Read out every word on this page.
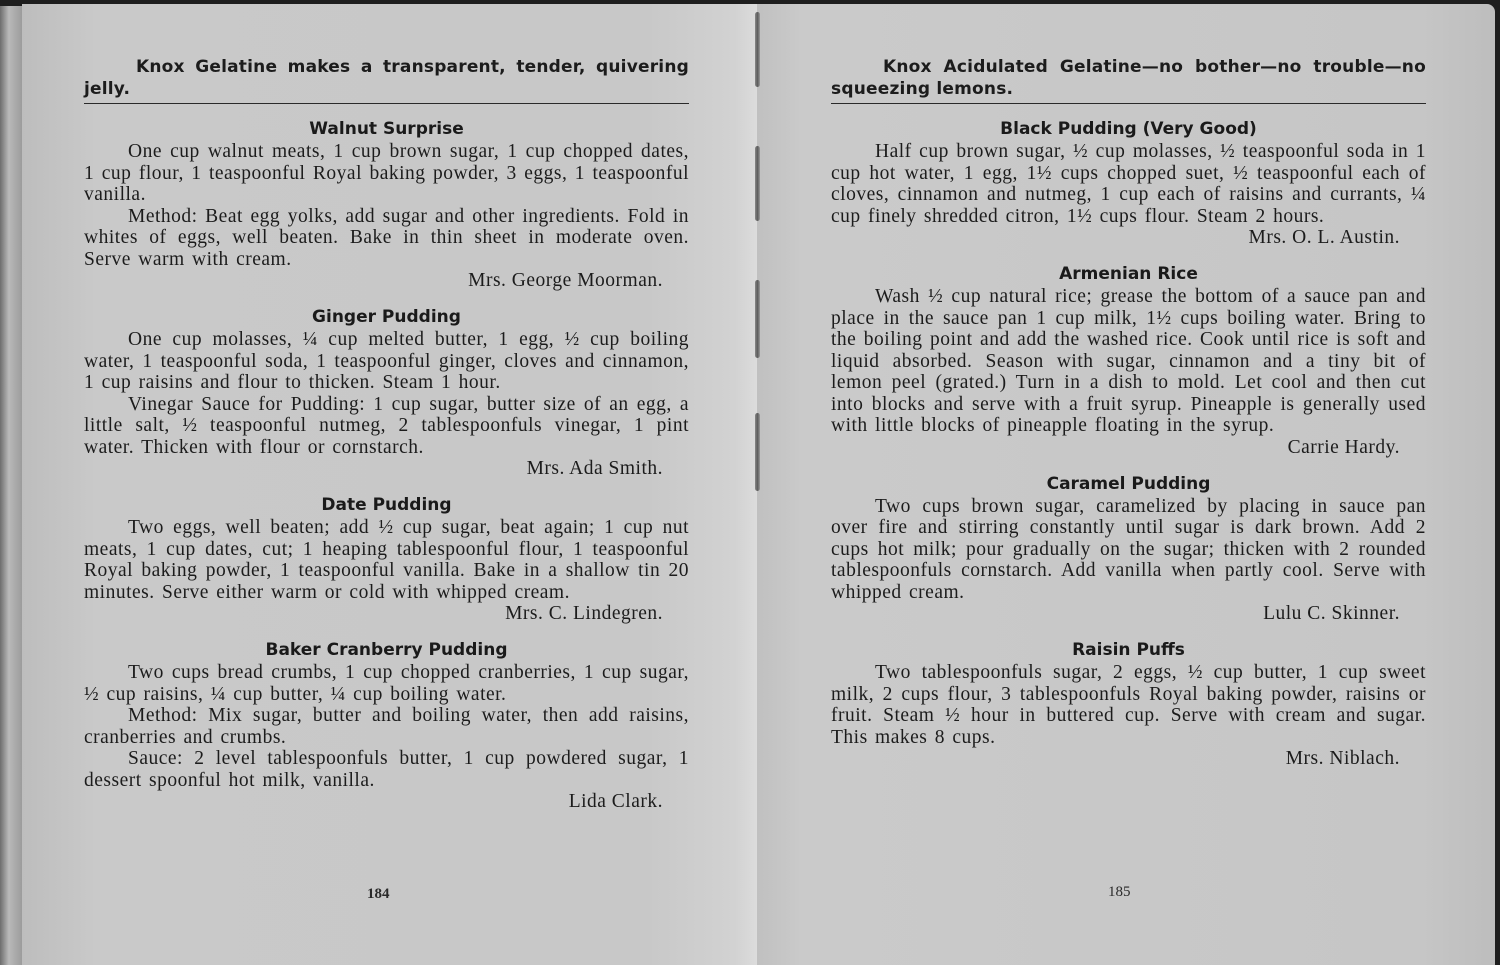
Knox Gelatine makes a transparent, tender, quivering jelly.
Walnut Surprise

One cup walnut meats, 1 cup brown sugar, 1 cup chopped dates, 1 cup flour, 1 teaspoonful Royal baking powder, 3 eggs, 1 teaspoonful vanilla.

Method: Beat egg yolks, add sugar and other ingredients. Fold in whites of eggs, well beaten. Bake in thin sheet in moderate oven. Serve warm with cream.

Mrs. George Moorman.
Ginger Pudding

One cup molasses, ¼ cup melted butter, 1 egg, ½ cup boiling water, 1 teaspoonful soda, 1 teaspoonful ginger, cloves and cinnamon, 1 cup raisins and flour to thicken. Steam 1 hour.

Vinegar Sauce for Pudding: 1 cup sugar, butter size of an egg, a little salt, ½ teaspoonful nutmeg, 2 tablespoonfuls vinegar, 1 pint water. Thicken with flour or cornstarch.

Mrs. Ada Smith.
Date Pudding

Two eggs, well beaten; add ½ cup sugar, beat again; 1 cup nut meats, 1 cup dates, cut; 1 heaping tablespoonful flour, 1 teaspoonful Royal baking powder, 1 teaspoonful vanilla. Bake in a shallow tin 20 minutes. Serve either warm or cold with whipped cream.

Mrs. C. Lindegren.
Baker Cranberry Pudding

Two cups bread crumbs, 1 cup chopped cranberries, 1 cup sugar, ½ cup raisins, ¼ cup butter, ¼ cup boiling water.

Method: Mix sugar, butter and boiling water, then add raisins, cranberries and crumbs.

Sauce: 2 level tablespoonfuls butter, 1 cup powdered sugar, 1 dessert spoonful hot milk, vanilla.

Lida Clark.
184
Knox Acidulated Gelatine—no bother—no trouble—no squeezing lemons.
Black Pudding (Very Good)

Half cup brown sugar, ½ cup molasses, ½ teaspoonful soda in 1 cup hot water, 1 egg, 1½ cups chopped suet, ½ teaspoonful each of cloves, cinnamon and nutmeg, 1 cup each of raisins and currants, ¼ cup finely shredded citron, 1½ cups flour. Steam 2 hours.

Mrs. O. L. Austin.
Armenian Rice

Wash ½ cup natural rice; grease the bottom of a sauce pan and place in the sauce pan 1 cup milk, 1½ cups boiling water. Bring to the boiling point and add the washed rice. Cook until rice is soft and liquid absorbed. Season with sugar, cinnamon and a tiny bit of lemon peel (grated.) Turn in a dish to mold. Let cool and then cut into blocks and serve with a fruit syrup. Pineapple is generally used with little blocks of pineapple floating in the syrup.

Carrie Hardy.
Caramel Pudding

Two cups brown sugar, caramelized by placing in sauce pan over fire and stirring constantly until sugar is dark brown. Add 2 cups hot milk; pour gradually on the sugar; thicken with 2 rounded tablespoonfuls cornstarch. Add vanilla when partly cool. Serve with whipped cream.

Lulu C. Skinner.
Raisin Puffs

Two tablespoonfuls sugar, 2 eggs, ½ cup butter, 1 cup sweet milk, 2 cups flour, 3 tablespoonfuls Royal baking powder, raisins or fruit. Steam ½ hour in buttered cup. Serve with cream and sugar. This makes 8 cups.

Mrs. Niblach.
185
